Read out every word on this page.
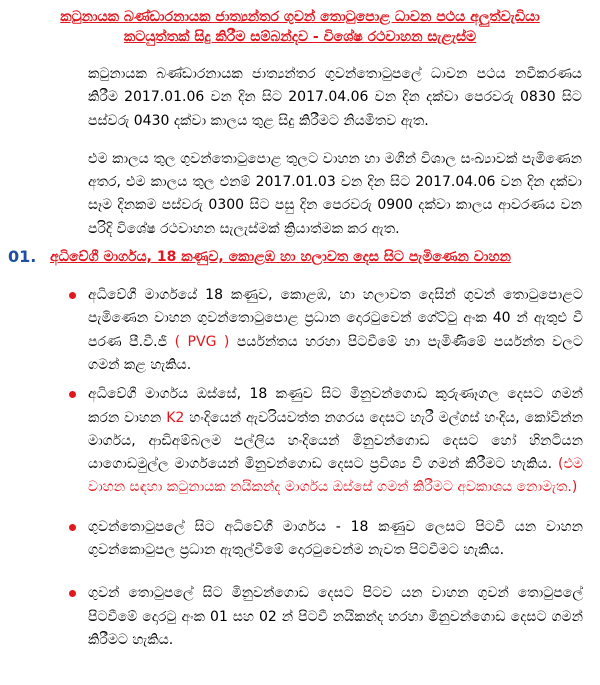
කටුනායක බණ්ඩාරනායක ජාත්‍යන්තර ගුවන් තොටුපොළ ධාවන පථය අලුත්වැඩියා
කටයුත්තක් සිදු කිරීම සම්බන්දව - විශේෂ රථවාහන සැළැස්ම

කටුනායක බණ්ඩාරනායක ජාත්‍යන්තර ගුවන්තොටුපලේ ධාවන පථය නවීකරණය කිරීම 2017.01.06 වන දින සිට 2017.04.06 වන දින දක්වා පෙරවරු 0830 සිට පස්වරු 0430 දක්වා කාලය තුළ සිදු කිරීමට නියමිතව ඇත.

එම කාලය තුල ගුවන්තොටුපොළ තුලට වාහන හා මගීන් විශාල සංඛ්‍යාවක් පැමිණෙන අතර, එම කාලය තුල එනම් 2017.01.03 වන දින සිට 2017.04.06 වන දින දක්වා සෑම දිනකම පස්වරු 0300 සිට පසු දින පෙරවරු 0900 දක්වා කාලය ආවරණය වන පරිදි විශේෂ රථවාහන සැලැස්මක් ක්‍රියාත්මක කර ඇත.

01. අධිවේගී මාර්ගය, 18 කණුව, කොළඹ හා හලාවත දෙස සිට පැමිණෙන වාහන
අධිවේගී මාර්ගයේ 18 කණුව, කොළඹ, හා හලාවත දෙසින් ගුවන් තොටුපොළට පැමිණෙන වාහන ගුවන්තොටුපොළ ප්‍රධාන දොරටුවෙන් ගේට්ටු අංක 40 න් ඇතුළු වී පරණ පී.වී.ජී ( PVG ) පර්යන්තය හරහා පිටවීමේ හා පැමිණීමේ පර්යන්ත වලට ගමන් කළ හැකිය.
අධිවේගී මාර්ගය ඔස්සේ, 18 කණුව සිට මිනුවන්ගොඩ කුරුණෑගල දෙසට ගමන් කරන වාහන K2 හංදියෙන් ඇවරියවත්ත නගරය දෙසට හැරී මල්ගස් හංදිය, කෝවින්න මාර්ගය, ආඩිඅම්බලම පල්ලිය හංදියෙන් මිනුවන්ගොඩ දෙසට හෝ හිනටියන යාගොඩමුල්ල මාර්ගයෙන් මිනුවන්ගොඩ දෙසට ප්‍රවිශ්‍ය වී ගමන් කිරීමට හැකිය. (එම වාහන සඳහා කටුනායක නයිකන්ද මාර්ගය ඔස්සේ ගමන් කිරීමට අවකාශය නොමැත.)
ගුවන්තොටුපලේ සිට අධිවේගී මාර්ගය - 18 කණුව ලෙසට පිටවී යන වාහන ගුවන්කොටුපල ප්‍රධාන ඇතුල්වීමේ දොරටුවෙන්ම නැවත පිටවීමට හැකිය.
ගුවන් තොටුපලේ සිට මිනුවන්ගොඩ දෙසට පිටව යන වාහන ගුවන් තොටුපලේ පිටවීමේ දොරටු අංක 01 සහ 02 න් පිටවී නයිකන්ද හරහා මිනුවන්ගොඩ දෙසට ගමන් කිරීමට හැකිය.
